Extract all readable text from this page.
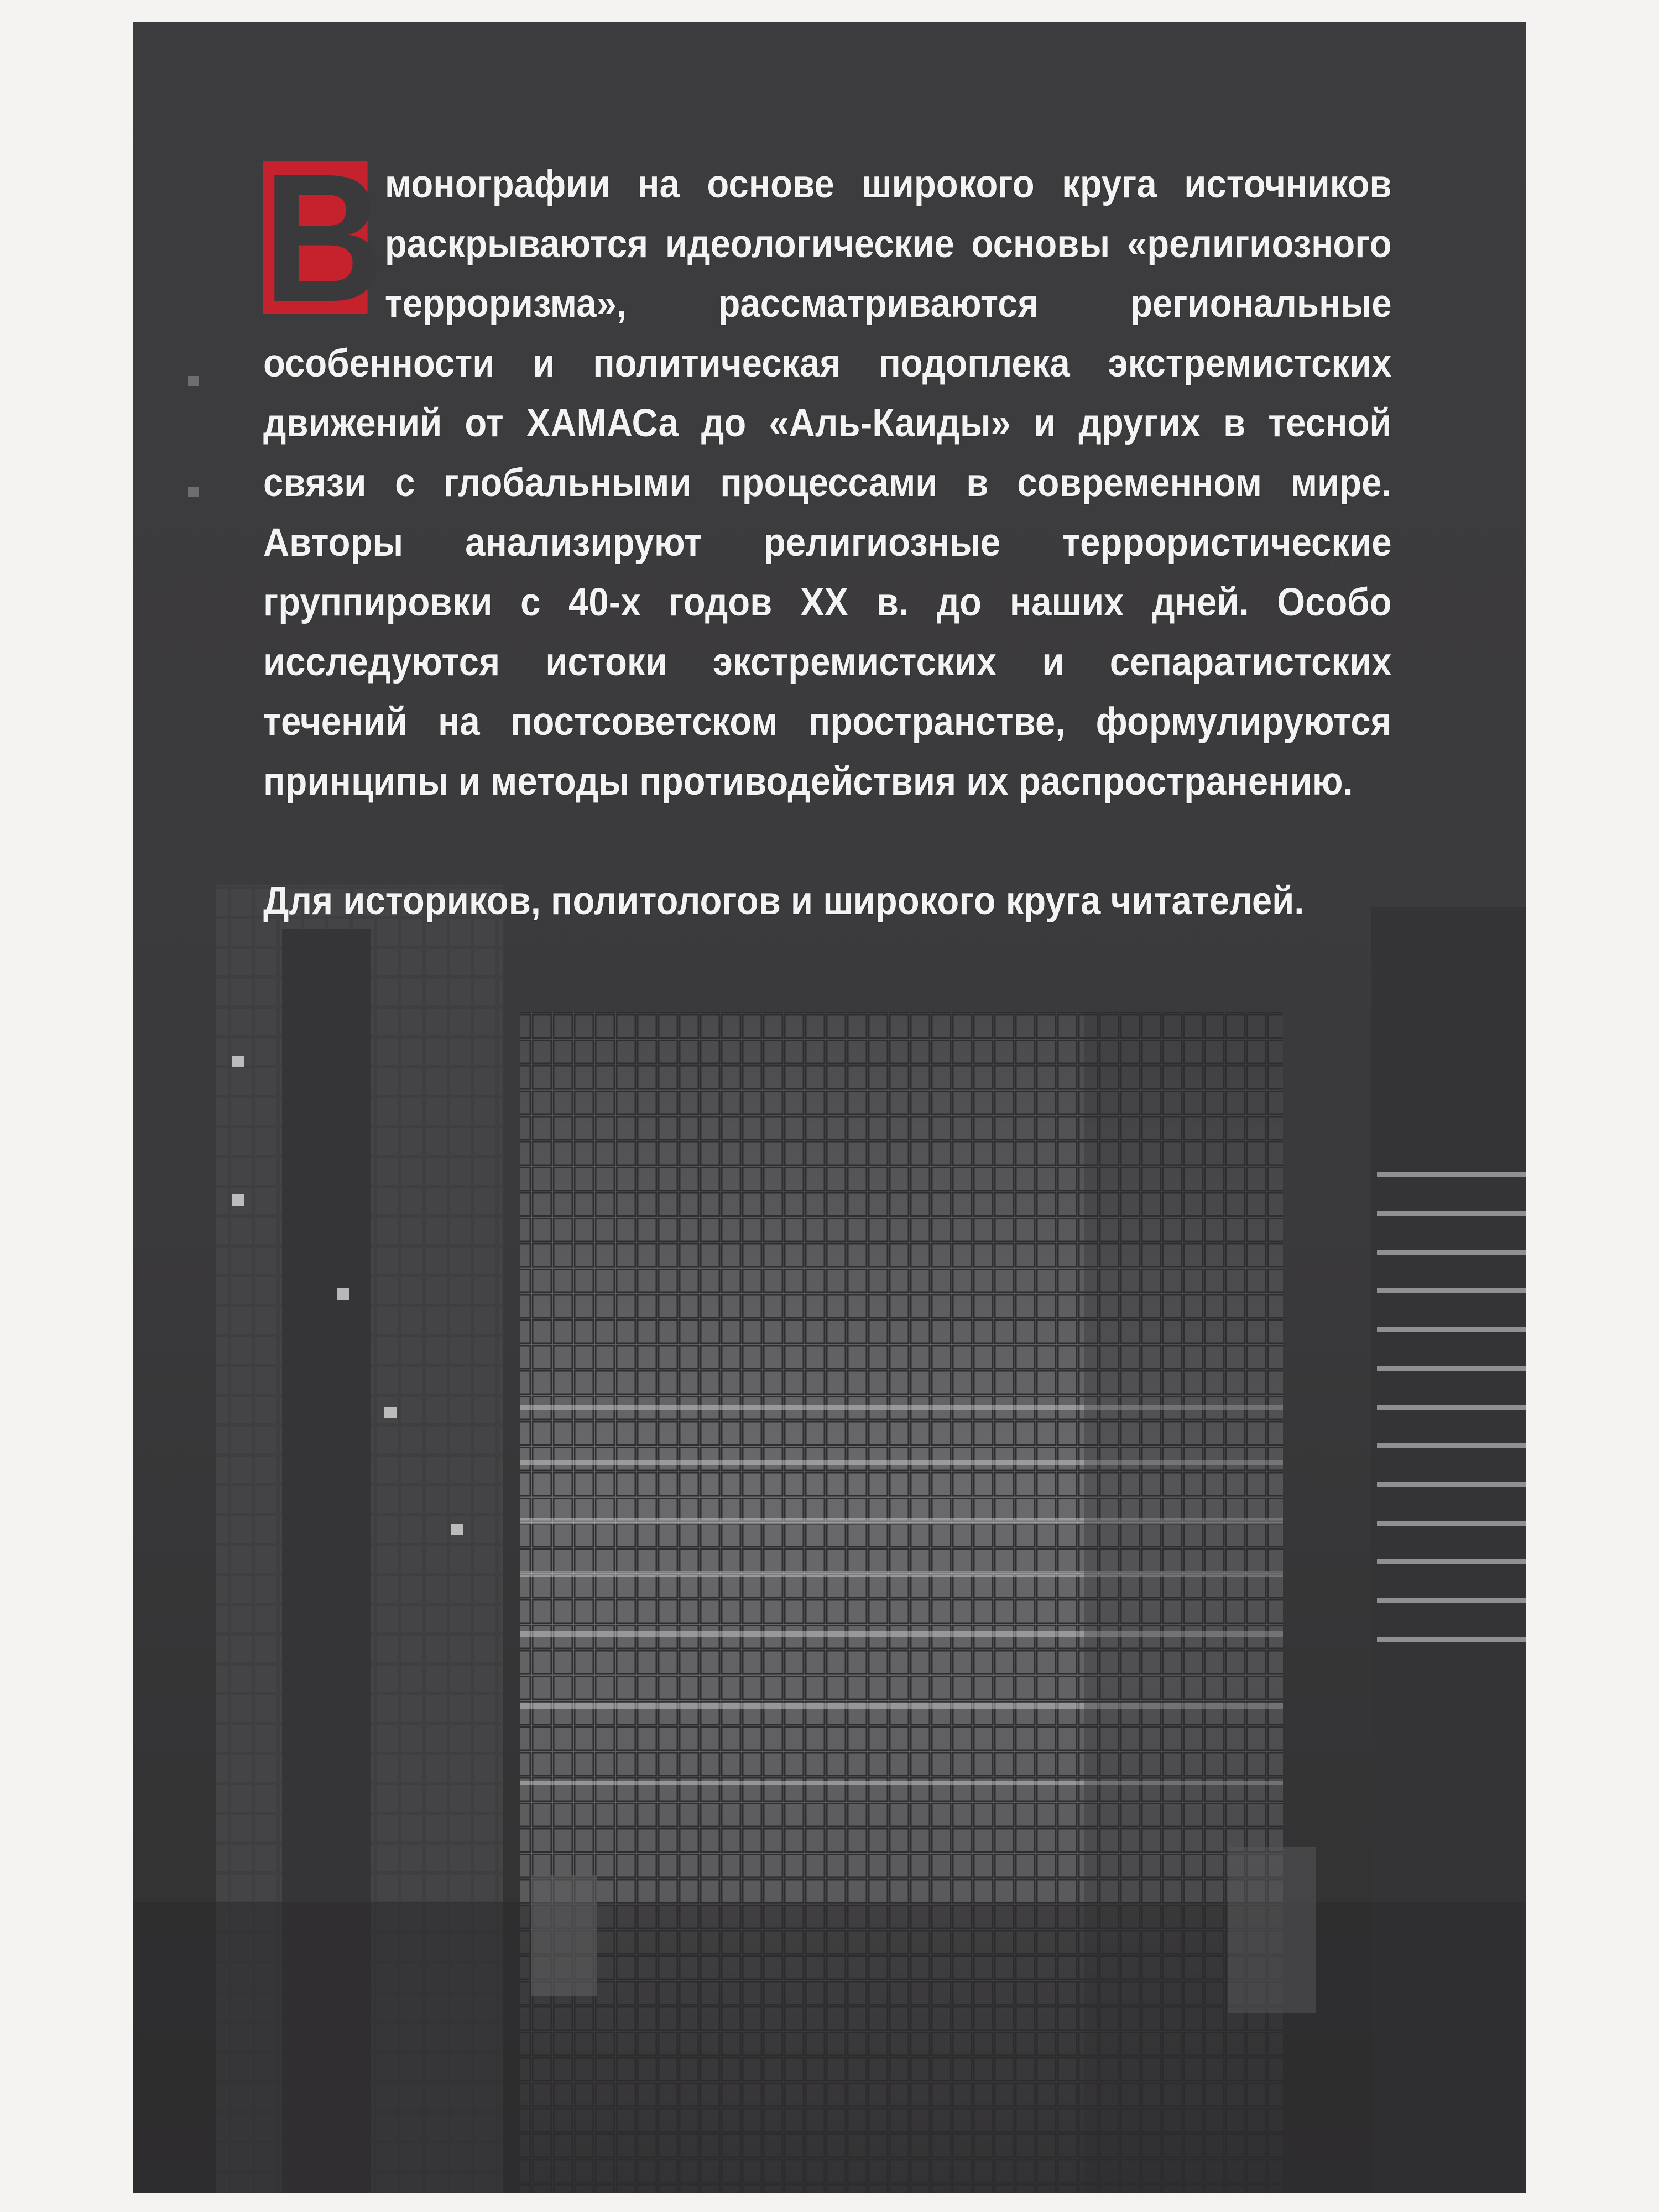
В монографии на основе широкого круга источников раскрываются идеологические основы «религиозного терроризма», рассматриваются региональные особенности и политическая подоплека экстремистских движений от ХАМАСа до «Аль-Каиды» и других в тесной связи с глобальными процессами в современном мире. Авторы анализируют религиозные террористические группировки с 40-х годов XX в. до наших дней. Особо исследуются истоки экстремистских и сепаратистских течений на постсоветском пространстве, формулируются принципы и методы противодействия их распространению.

Для историков, политологов и широкого круга читателей.
